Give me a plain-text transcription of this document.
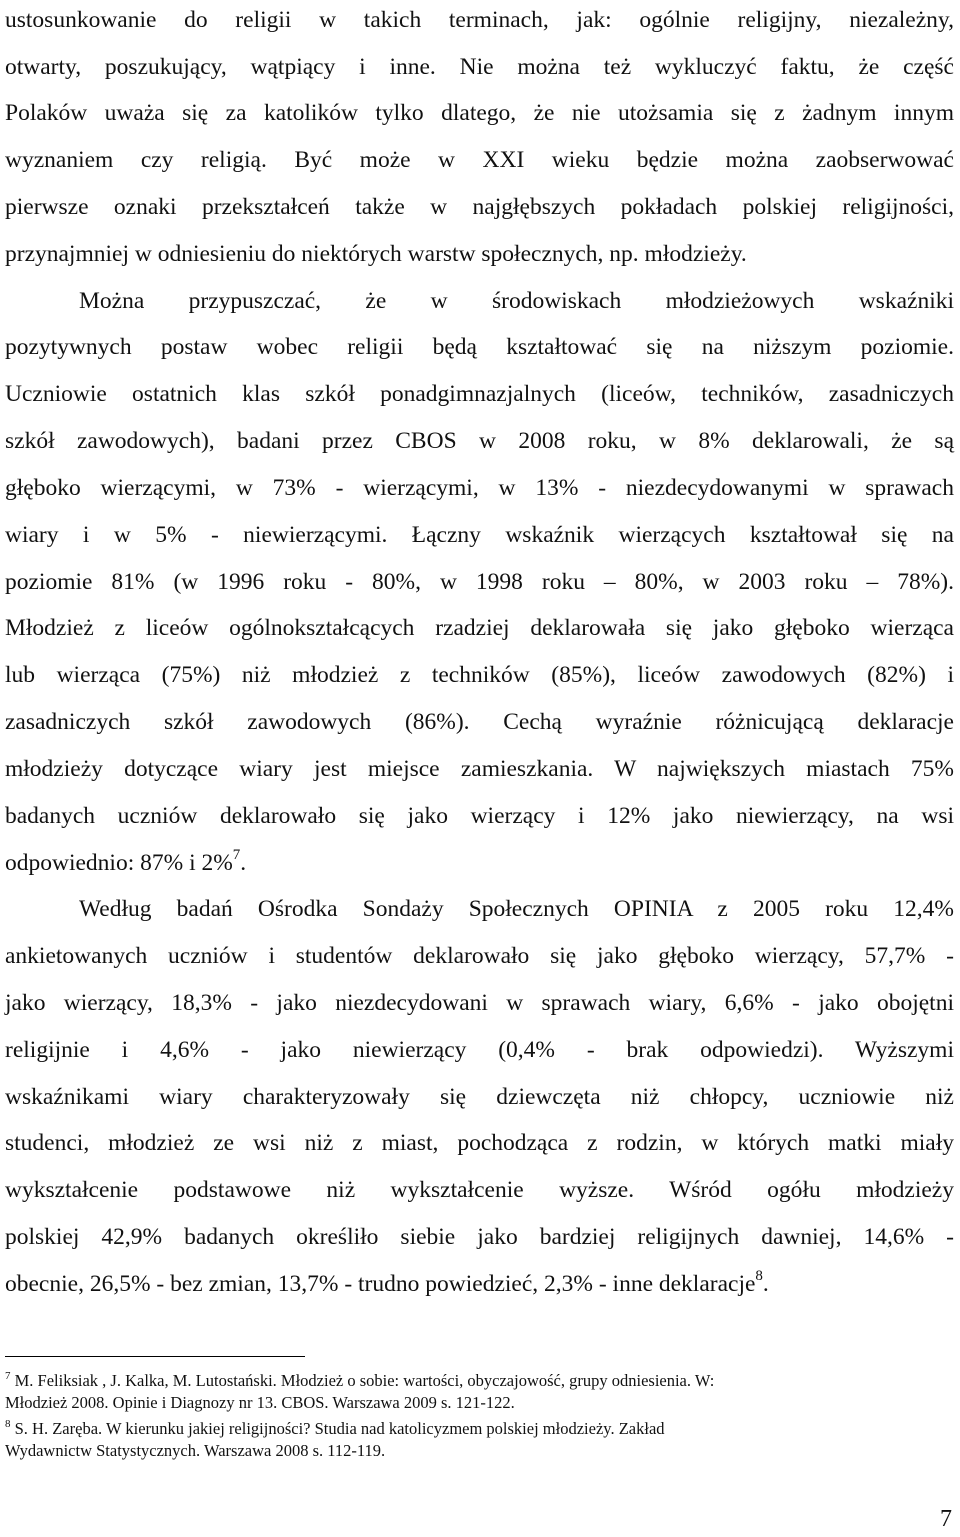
ustosunkowanie do religii w takich terminach, jak: ogólnie religijny, niezależny,
otwarty, poszukujący, wątpiący i inne. Nie można też wykluczyć faktu, że część
Polaków uważa się za katolików tylko dlatego, że nie utożsamia się z żadnym innym
wyznaniem czy religią. Być może w XXI wieku będzie można zaobserwować
pierwsze oznaki przekształceń także w najgłębszych pokładach polskiej religijności,
przynajmniej w odniesieniu do niektórych warstw społecznych, np. młodzieży.
Można przypuszczać, że w środowiskach młodzieżowych wskaźniki
pozytywnych postaw wobec religii będą kształtować się na niższym poziomie.
Uczniowie ostatnich klas szkół ponadgimnazjalnych (liceów, techników, zasadniczych
szkół zawodowych), badani przez CBOS w 2008 roku, w 8% deklarowali, że są
głęboko wierzącymi, w 73% - wierzącymi, w 13% - niezdecydowanymi w sprawach
wiary i w 5% - niewierzącymi. Łączny wskaźnik wierzących kształtował się na
poziomie 81% (w 1996 roku - 80%, w 1998 roku – 80%, w 2003 roku – 78%).
Młodzież z liceów ogólnokształcących rzadziej deklarowała się jako głęboko wierząca
lub wierząca (75%) niż młodzież z techników (85%), liceów zawodowych (82%) i
zasadniczych szkół zawodowych (86%). Cechą wyraźnie różnicującą deklaracje
młodzieży dotyczące wiary jest miejsce zamieszkania. W największych miastach 75%
badanych uczniów deklarowało się jako wierzący i 12% jako niewierzący, na wsi
odpowiednio: 87% i 2%$^7$.
Według badań Ośrodka Sondaży Społecznych OPINIA z 2005 roku 12,4%
ankietowanych uczniów i studentów deklarowało się jako głęboko wierzący, 57,7% -
jako wierzący, 18,3% - jako niezdecydowani w sprawach wiary, 6,6% - jako obojętni
religijnie i 4,6% - jako niewierzący (0,4% - brak odpowiedzi). Wyższymi
wskaźnikami wiary charakteryzowały się dziewczęta niż chłopcy, uczniowie niż
studenci, młodzież ze wsi niż z miast, pochodząca z rodzin, w których matki miały
wykształcenie podstawowe niż wykształcenie wyższe. Wśród ogółu młodzieży
polskiej 42,9% badanych określiło siebie jako bardziej religijnych dawniej, 14,6% -
obecnie, 26,5% - bez zmian, 13,7% - trudno powiedzieć, 2,3% - inne deklaracje$^8$.
$^7$ M. Feliksiak , J. Kalka, M. Lutostański. Młodzież o sobie: wartości, obyczajowość, grupy odniesienia. W:
Młodzież 2008. Opinie i Diagnozy nr 13. CBOS. Warszawa 2009 s. 121-122.
$^8$ S. H. Zaręba. W kierunku jakiej religijności? Studia nad katolicyzmem polskiej młodzieży. Zakład
Wydawnictw Statystycznych. Warszawa 2008 s. 112-119.
7
